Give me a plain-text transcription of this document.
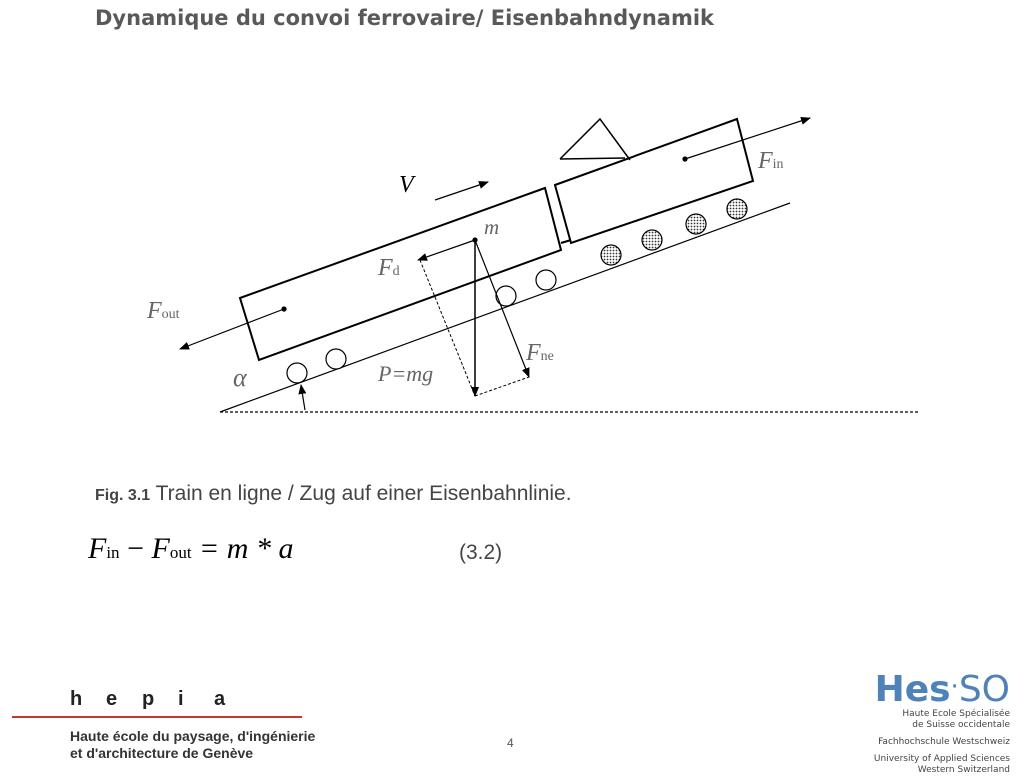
Dynamique du convoi ferrovaire/ Eisenbahndynamik
V
m
Fin
Fout
Fd
Fne
α	P=mg
Fig. 3.1 Train en ligne / Zug auf einer Eisenbahnlinie.
Fin − Fout = m * a	(3.2)
h e p i a
Haute école du paysage, d'ingénierie
et d'architecture de Genève
4
Hes·SO
Haute Ecole Spécialisée
de Suisse occidentale
Fachhochschule Westschweiz
University of Applied Sciences
Western Switzerland
